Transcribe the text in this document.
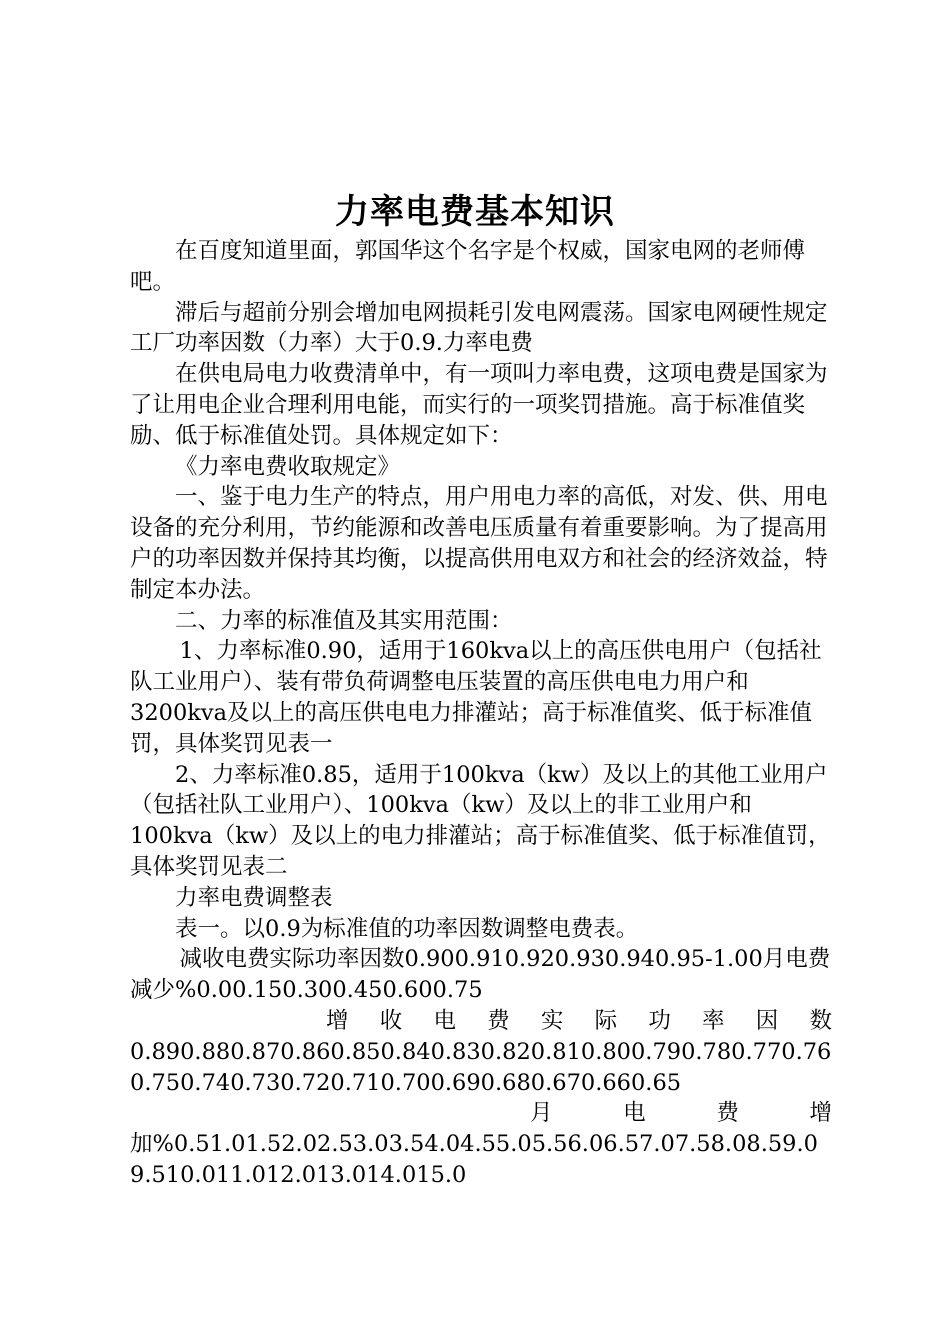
力率电费基本知识

在百度知道里面，郭国华这个名字是个权威，国家电网的老师傅吧。

滞后与超前分别会增加电网损耗引发电网震荡。国家电网硬性规定工厂功率因数（力率）大于0.9.力率电费

在供电局电力收费清单中，有一项叫力率电费，这项电费是国家为了让用电企业合理利用电能，而实行的一项奖罚措施。高于标准值奖励、低于标准值处罚。具体规定如下：

《力率电费收取规定》

一、鉴于电力生产的特点，用户用电力率的高低，对发、供、用电设备的充分利用，节约能源和改善电压质量有着重要影响。为了提高用户的功率因数并保持其均衡，以提高供用电双方和社会的经济效益，特制定本办法。

二、力率的标准值及其实用范围：

1、力率标准0.90，适用于160kva以上的高压供电用户（包括社队工业用户）、装有带负荷调整电压装置的高压供电电力用户和3200kva及以上的高压供电电力排灌站；高于标准值奖、低于标准值罚，具体奖罚见表一

2、力率标准0.85，适用于100kva（kw）及以上的其他工业用户（包括社队工业用户）、100kva（kw）及以上的非工业用户和100kva（kw）及以上的电力排灌站；高于标准值奖、低于标准值罚，具体奖罚见表二

力率电费调整表

表一。以0.9为标准值的功率因数调整电费表。

减收电费实际功率因数0.900.910.920.930.940.95-1.00月电费减少%0.00.150.300.450.600.75

增收电费实际功率因数

0.890.880.870.860.850.840.830.820.810.800.790.780.770.760.750.740.730.720.710.700.690.680.670.660.65

月电费增

加%0.51.01.52.02.53.03.54.04.55.05.56.06.57.07.58.08.59.09.510.011.012.013.014.015.0
